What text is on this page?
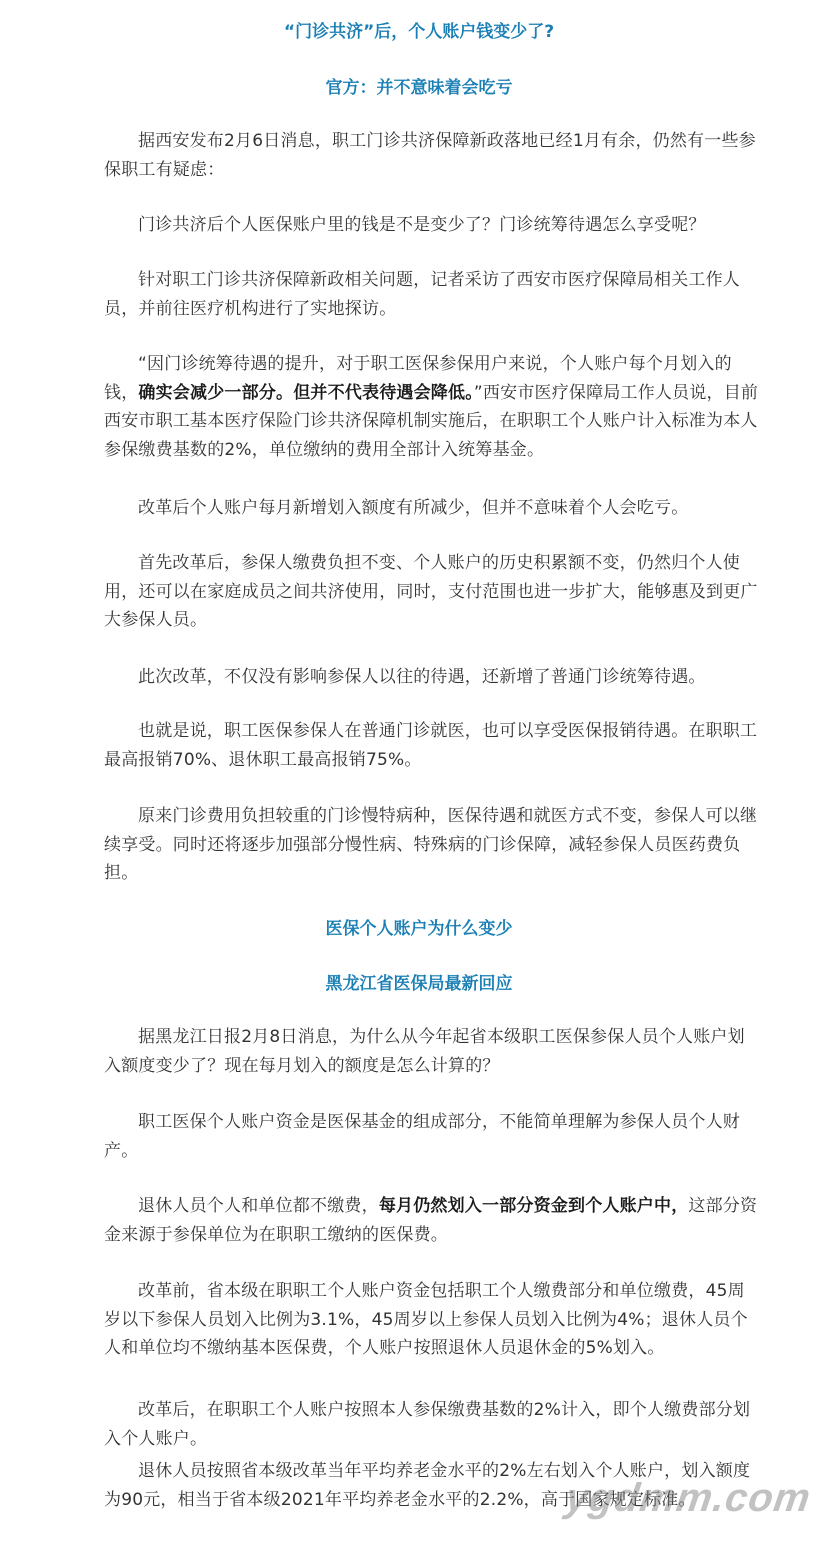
“门诊共济”后，个人账户钱变少了?
官方：并不意味着会吃亏
据西安发布2月6日消息，职工门诊共济保障新政落地已经1月有余，仍然有一些参保职工有疑虑：
门诊共济后个人医保账户里的钱是不是变少了？门诊统筹待遇怎么享受呢？
针对职工门诊共济保障新政相关问题，记者采访了西安市医疗保障局相关工作人员，并前往医疗机构进行了实地探访。
“因门诊统筹待遇的提升，对于职工医保参保用户来说，个人账户每个月划入的钱，确实会减少一部分。但并不代表待遇会降低。”西安市医疗保障局工作人员说，目前西安市职工基本医疗保险门诊共济保障机制实施后，在职职工个人账户计入标准为本人参保缴费基数的2%，单位缴纳的费用全部计入统筹基金。
改革后个人账户每月新增划入额度有所减少，但并不意味着个人会吃亏。
首先改革后，参保人缴费负担不变、个人账户的历史积累额不变，仍然归个人使用，还可以在家庭成员之间共济使用，同时，支付范围也进一步扩大，能够惠及到更广大参保人员。
此次改革，不仅没有影响参保人以往的待遇，还新增了普通门诊统筹待遇。
也就是说，职工医保参保人在普通门诊就医，也可以享受医保报销待遇。在职职工最高报销70%、退休职工最高报销75%。
原来门诊费用负担较重的门诊慢特病种，医保待遇和就医方式不变，参保人可以继续享受。同时还将逐步加强部分慢性病、特殊病的门诊保障，减轻参保人员医药费负担。
医保个人账户为什么变少
黑龙江省医保局最新回应
据黑龙江日报2月8日消息，为什么从今年起省本级职工医保参保人员个人账户划入额度变少了？现在每月划入的额度是怎么计算的？
职工医保个人账户资金是医保基金的组成部分，不能简单理解为参保人员个人财产。
退休人员个人和单位都不缴费，每月仍然划入一部分资金到个人账户中，这部分资金来源于参保单位为在职职工缴纳的医保费。
改革前，省本级在职职工个人账户资金包括职工个人缴费部分和单位缴费，45周岁以下参保人员划入比例为3.1%，45周岁以上参保人员划入比例为4%；退休人员个人和单位均不缴纳基本医保费，个人账户按照退休人员退休金的5%划入。
改革后，在职职工个人账户按照本人参保缴费基数的2%计入，即个人缴费部分划入个人账户。
退休人员按照省本级改革当年平均养老金水平的2%左右划入个人账户，划入额度为90元，相当于省本级2021年平均养老金水平的2.2%，高于国家规定标准。
ygdmm.com
